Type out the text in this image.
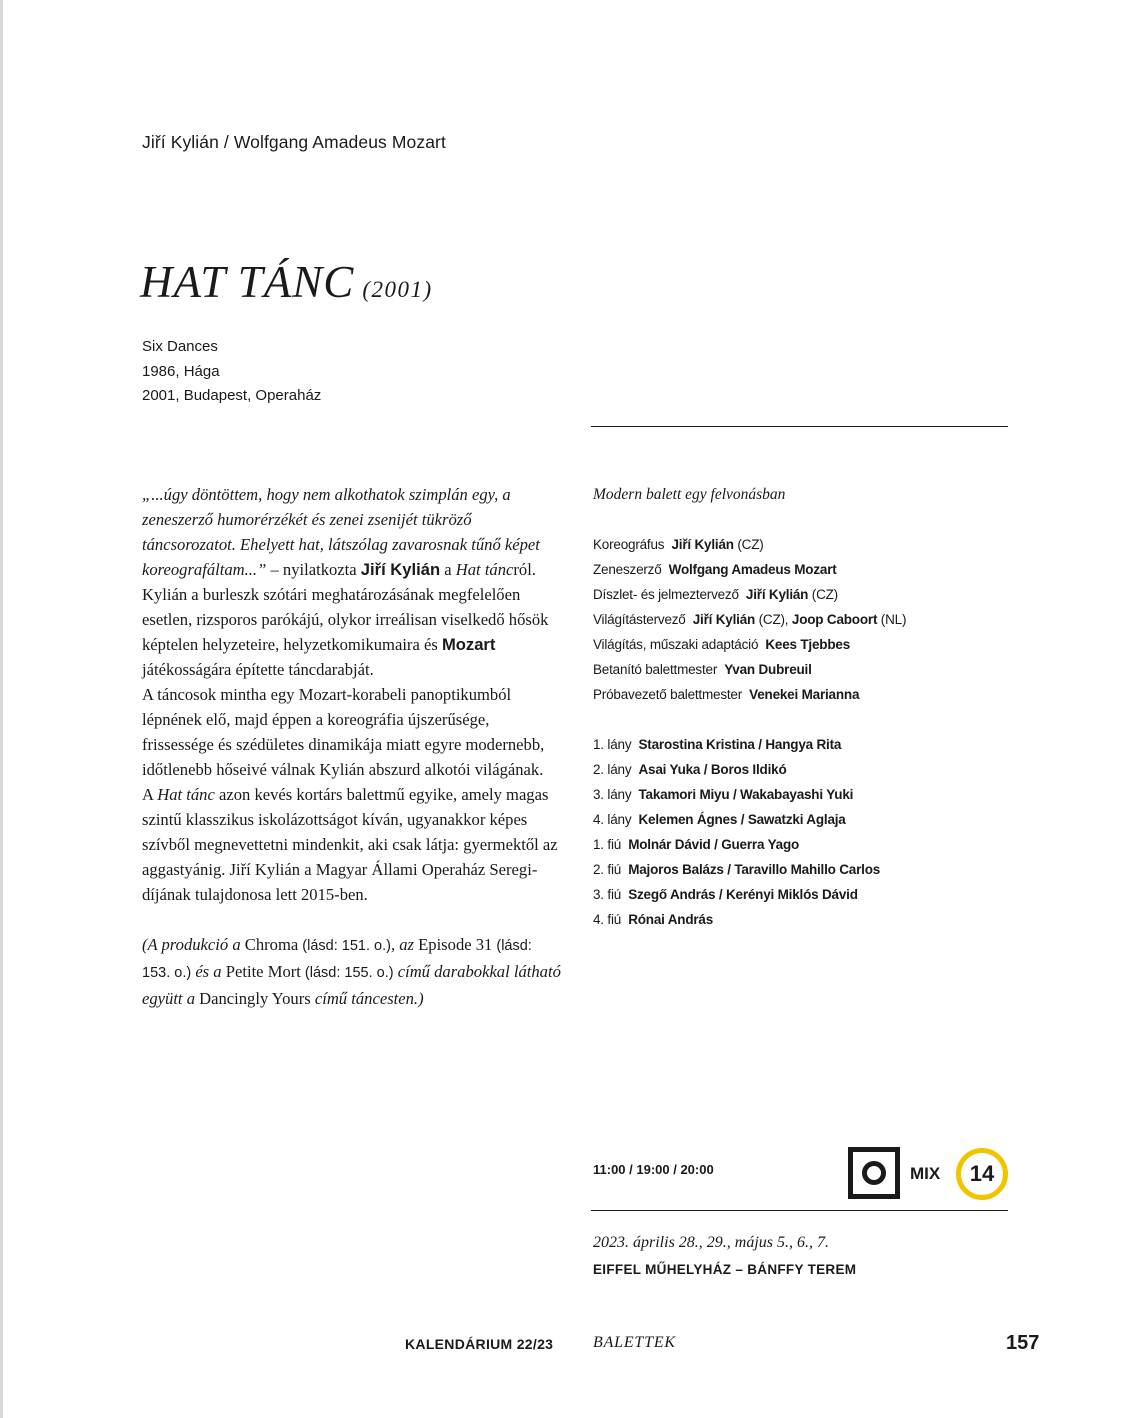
Jiří Kylián / Wolfgang Amadeus Mozart
HAT TÁNC (2001)
Six Dances
1986, Hága
2001, Budapest, Operaház

„...úgy döntöttem, hogy nem alkothatok szimplán egy, a zeneszerző humorérzékét és zenei zsenijét tükröző táncsorozatot. Ehelyett hat, látszólag zavarosnak tűnő képet koreografáltam...” – nyilatkozta Jiří Kylián a Hat táncról. Kylián a burleszk szótári meghatározásának megfelelően esetlen, rizsporos parókájú, olykor irreálisan viselkedő hősök képtelen helyzeteire, helyzetkomikumaira és Mozart játékosságára építette táncdarabját.

A táncosok mintha egy Mozart-korabeli panoptikumból lépnének elő, majd éppen a koreográfia újszerűsége, frissessége és szédületes dinamikája miatt egyre modernebb, időtlenebb hőseivé válnak Kylián abszurd alkotói világának.

A Hat tánc azon kevés kortárs balettmű egyike, amely magas szintű klasszikus iskolázottságot kíván, ugyanakkor képes szívből megnevettetni mindenkit, aki csak látja: gyermektől az aggastyánig. Jiří Kylián a Magyar Állami Operaház Seregi-díjának tulajdonosa lett 2015-ben.

(A produkció a Chroma (lásd: 151. o.), az Episode 31 (lásd: 153. o.) és a Petite Mort (lásd: 155. o.) című darabokkal látható együtt a Dancingly Yours című táncesten.)

Modern balett egy felvonásban
Koreográfus Jiří Kylián (CZ)
Zeneszerző Wolfgang Amadeus Mozart
Díszlet- és jelmeztervező Jiří Kylián (CZ)
Világítástervező Jiří Kylián (CZ), Joop Caboort (NL)
Világítás, műszaki adaptáció Kees Tjebbes
Betanító balettmester Yvan Dubreuil
Próbavezető balettmester Venekei Marianna
1. lány Starostina Kristina / Hangya Rita
2. lány Asai Yuka / Boros Ildikó
3. lány Takamori Miyu / Wakabayashi Yuki
4. lány Kelemen Ágnes / Sawatzki Aglaja
1. fiú Molnár Dávid / Guerra Yago
2. fiú Majoros Balázs / Taravillo Mahillo Carlos
3. fiú Szegő András / Kerényi Miklós Dávid
4. fiú Rónai András
11:00 / 19:00 / 20:00	MIX	14
2023. április 28., 29., május 5., 6., 7.
EIFFEL MŰHELYHÁZ – BÁNFFY TEREM
KALENDÁRIUM 22/23 BALETTEK	157
